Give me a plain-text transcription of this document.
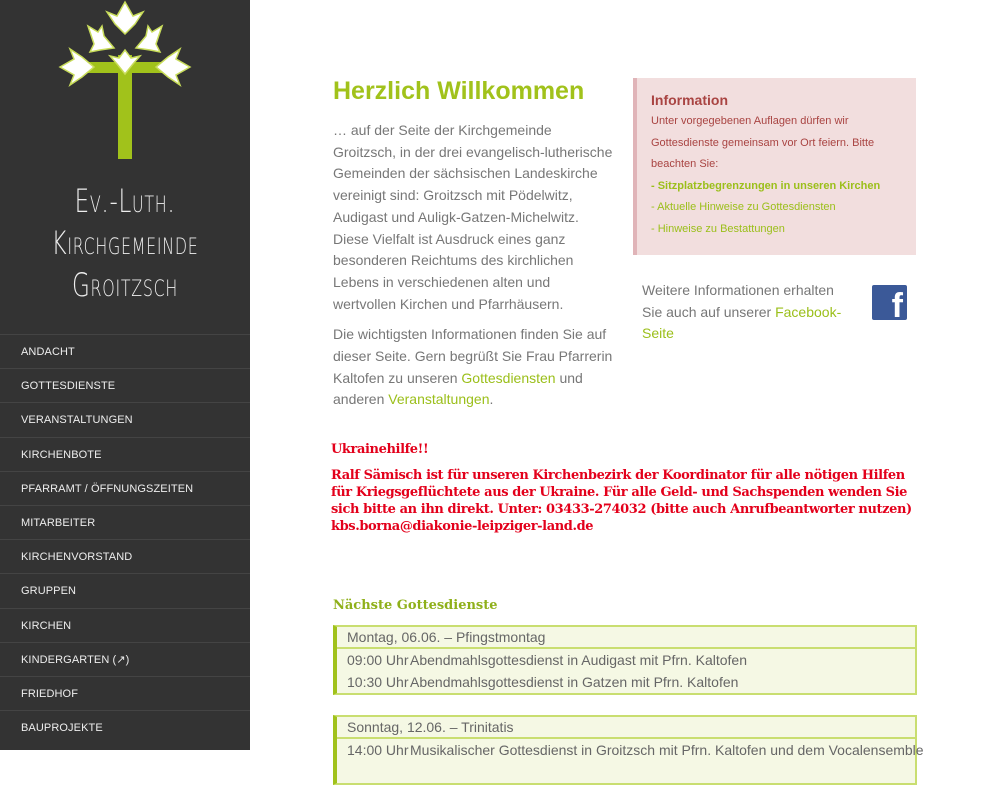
Ev.-Luth.
Kirchgemeinde
Groitzsch
ANDACHT
GOTTESDIENSTE
VERANSTALTUNGEN
KIRCHENBOTE
PFARRAMT / ÖFFNUNGSZEITEN
MITARBEITER
KIRCHENVORSTAND
GRUPPEN
KIRCHEN
KINDERGARTEN (↗)
FRIEDHOF
BAUPROJEKTE
Herzlich Willkommen

… auf der Seite der Kirchgemeinde Groitzsch, in der drei evangelisch-lutherische Gemeinden der sächsischen Landeskirche vereinigt sind: Groitzsch mit Pödelwitz, Audigast und Auligk-Gatzen-Michelwitz. Diese Vielfalt ist Ausdruck eines ganz besonderen Reichtums des kirchlichen Lebens in verschiedenen alten und wertvollen Kirchen und Pfarrhäusern.

Die wichtigsten Informationen finden Sie auf dieser Seite. Gern begrüßt Sie Frau Pfarrerin Kaltofen zu unseren Gottesdiensten und anderen Veranstaltungen.

Ukrainehilfe!!
Ralf Sämisch ist für unseren Kirchenbezirk der Koordinator für alle nötigen Hilfen für Kriegsgeflüchtete aus der Ukraine. Für alle Geld- und Sachspenden wenden Sie sich bitte an ihn direkt. Unter: 03433-274032 (bitte auch Anrufbeantworter nutzen) kbs.borna@diakonie-leipziger-land.de
Nächste Gottesdienste
Montag, 06.06. – Pfingstmontag
09:00 Uhr Abendmahlsgottesdienst in Audigast mit Pfrn. Kaltofen
10:30 Uhr Abendmahlsgottesdienst in Gatzen mit Pfrn. Kaltofen
Sonntag, 12.06. – Trinitatis
14:00 Uhr Musikalischer Gottesdienst in Groitzsch mit Pfrn. Kaltofen und dem Vocalensemble
Information
Unter vorgegebenen Auflagen dürfen wir Gottesdienste gemeinsam vor Ort feiern. Bitte beachten Sie:
- Sitzplatzbegrenzungen in unseren Kirchen
- Aktuelle Hinweise zu Gottesdiensten
- Hinweise zu Bestattungen

Weitere Informationen erhalten Sie auch auf unserer Facebook-Seite

f
